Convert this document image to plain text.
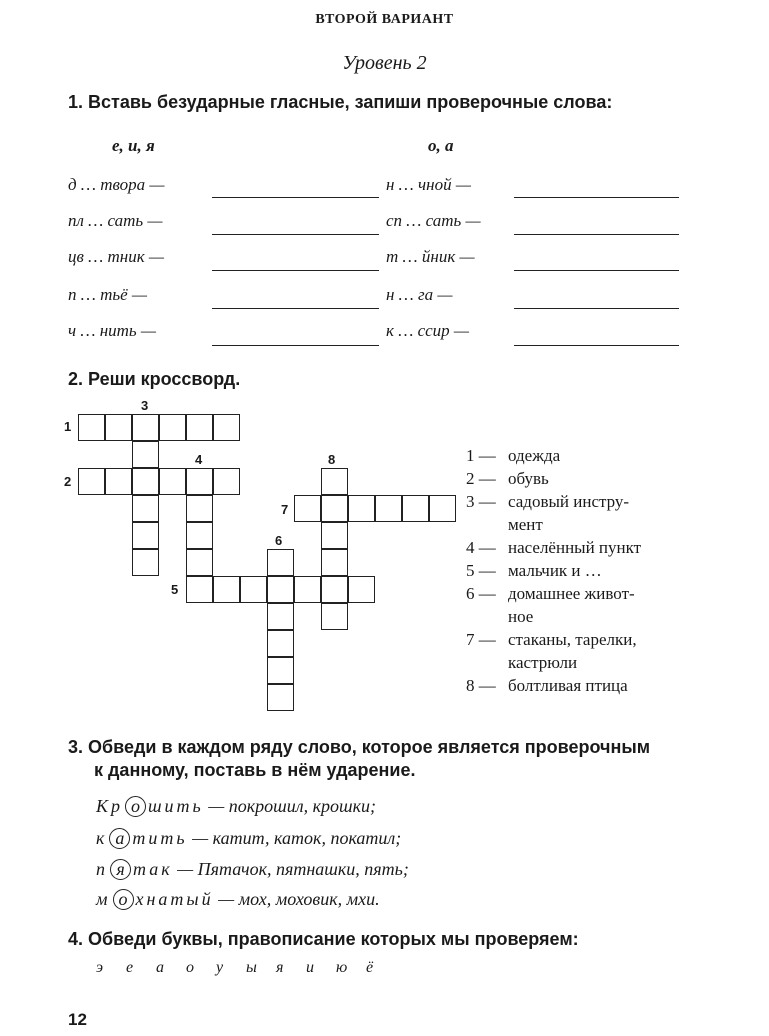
ВТОРОЙ ВАРИАНТ
Уровень 2
1. Вставь безударные гласные, запиши проверочные слова:
е, и, я	о, а
д … твора —
пл … сать —
цв … тник —
п … тьё —
ч … нить —
н … чной —
сп … сать —
т … йник —
н … га —
к … ссир —
2. Реши кроссворд.
1
2
3
4
5
6
7
8	1 — одежда
2 — обувь
3 — садовый инстру-
мент
4 — населённый пункт
5 — мальчик и …
6 — домашнее живот-
ное
7 — стаканы, тарелки,
кастрюли
8 — болтливая птица
3. Обведи в каждом ряду слово, которое является проверочным
к данному, поставь в нём ударение.
Кр о шить — покрошил, крошки;
к а тить — катит, каток, покатил;
п я так — Пятачок, пятнашки, пять;
м о хнатый — мох, моховик, мхи.
4. Обведи буквы, правописание которых мы проверяем:
э е а о у ы я и ю ё
12
